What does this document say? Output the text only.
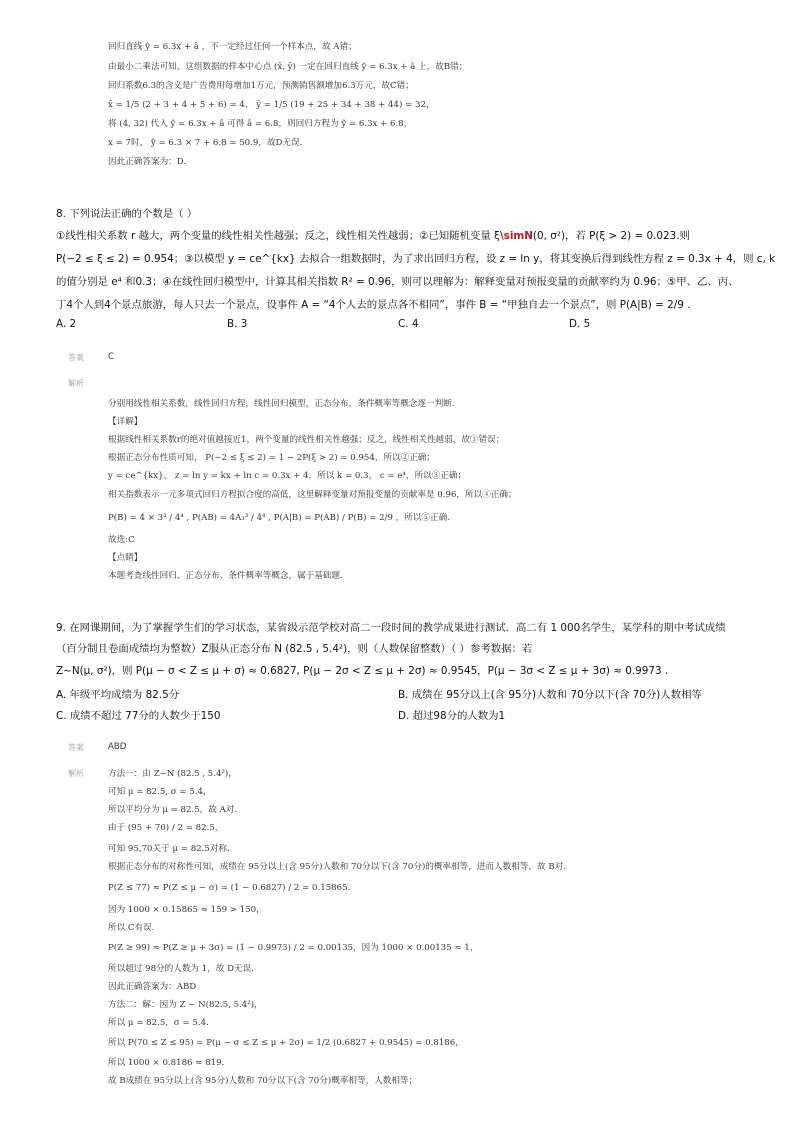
回归直线 ŷ = 6.3x + â ，不一定经过任何一个样本点，故 A错；
由最小二乘法可知，这组数据的样本中心点 (x̄, ȳ) 一定在回归直线 ŷ = 6.3x + â 上，故B错；
回归系数6.3的含义是广告费用每增加1万元，预测销售额增加6.3万元，故C错；
x̄ = 1/5 (2 + 3 + 4 + 5 + 6) = 4， ȳ = 1/5 (19 + 25 + 34 + 38 + 44) = 32，
将 (4, 32) 代入 ŷ = 6.3x + â 可得 â = 6.8，则回归方程为 ŷ = 6.3x + 6.8，
x = 7时， ŷ = 6.3 × 7 + 6.8 = 50.9，故D无误.
因此正确答案为：D.
8. 下列说法正确的个数是（ ）
①线性相关系数 r 越大，两个变量的线性相关性越强；反之，线性相关性越弱；②已知随机变量 ξ\simN(0, σ²)，若 P(ξ > 2) = 0.023.则
P(−2 ≤ ξ ≤ 2) = 0.954；③以模型 y = ce^{kx} 去拟合一组数据时，为了求出回归方程，设 z = ln y，将其变换后得到线性方程 z = 0.3x + 4，则 c, k
的值分别是 e⁴ 和0.3；④在线性回归模型中，计算其相关指数 R² = 0.96，则可以理解为：解释变量对预报变量的贡献率约为 0.96；⑤甲、乙、丙、
丁4个人到4个景点旅游，每人只去一个景点，设事件 A = “4个人去的景点各不相同”，事件 B = “甲独自去一个景点”，则 P(A|B) = 2/9 .
A. 2	B. 3	C. 4	D. 5
答案	C
解析
分别用线性相关系数，线性回归方程，线性回归模型，正态分布，条件概率等概念逐一判断.
【详解】
根据线性相关系数r的绝对值越接近1，两个变量的线性相关性越强；反之，线性相关性越弱，故①错误；
根据正态分布性质可知， P(−2 ≤ ξ ≤ 2) = 1 − 2P(ξ > 2) = 0.954，所以②正确；
y = ce^{kx}， z = ln y = kx + ln c = 0.3x + 4，所以 k = 0.3， c = e⁴，所以③正确；
相关指数表示一元多项式回归方程拟合度的高低，这里解释变量对预报变量的贡献率是 0.96，所以④正确；
P(B) = 4 × 3³ / 4⁴ , P(AB) = 4A₃³ / 4⁴ , P(A|B) = P(AB) / P(B) = 2/9 ，所以⑤正确.
故选:C
【点睛】
本题考查线性回归、正态分布、条件概率等概念，属于基础题.
9. 在网课期间，为了掌握学生们的学习状态，某省级示范学校对高二一段时间的教学成果进行测试．高二有 1 000名学生，某学科的期中考试成绩
（百分制且卷面成绩均为整数）Z服从正态分布 N (82.5 , 5.4²)，则（人数保留整数）（ ）参考数据：若
Z~N(μ, σ²)，则 P(μ − σ < Z ≤ μ + σ) ≈ 0.6827, P(μ − 2σ < Z ≤ μ + 2σ) ≈ 0.9545，P(μ − 3σ < Z ≤ μ + 3σ) ≈ 0.9973 .
A. 年级平均成绩为 82.5分	B. 成绩在 95分以上(含 95分)人数和 70分以下(含 70分)人数相等
C. 成绩不超过 77分的人数少于150	D. 超过98分的人数为1
答案	ABD
解析	方法一：由 Z~N (82.5 , 5.4²)，
可知 μ = 82.5, σ = 5.4，
所以平均分为 μ = 82.5，故 A对.
由于 (95 + 70) / 2 = 82.5，
可知 95,70关于 μ = 82.5对称.
根据正态分布的对称性可知，成绩在 95分以上(含 95分)人数和 70分以下(含 70分)的概率相等，进而人数相等，故 B对.
P(Z ≤ 77) ≈ P(Z ≤ μ − σ) = (1 − 0.6827) / 2 = 0.15865.
因为 1000 × 0.15865 ≈ 159 > 150，
所以 C有误.
P(Z ≥ 99) ≈ P(Z ≥ μ + 3σ) = (1 − 0.9973) / 2 = 0.00135，因为 1000 × 0.00135 ≈ 1，
所以超过 98分的人数为 1，故 D无误.
因此正确答案为：ABD
方法二：解：因为 Z ~ N(82.5, 5.4²)，
所以 μ = 82.5，σ = 5.4.
所以 P(70 ≤ Z ≤ 95) = P(μ − σ ≤ Z ≤ μ + 2σ) = 1/2 (0.6827 + 0.9545) = 0.8186，
所以 1000 × 0.8186 ≈ 819.
故 B成绩在 95分以上(含 95分)人数和 70分以下(含 70分)概率相等，人数相等；
